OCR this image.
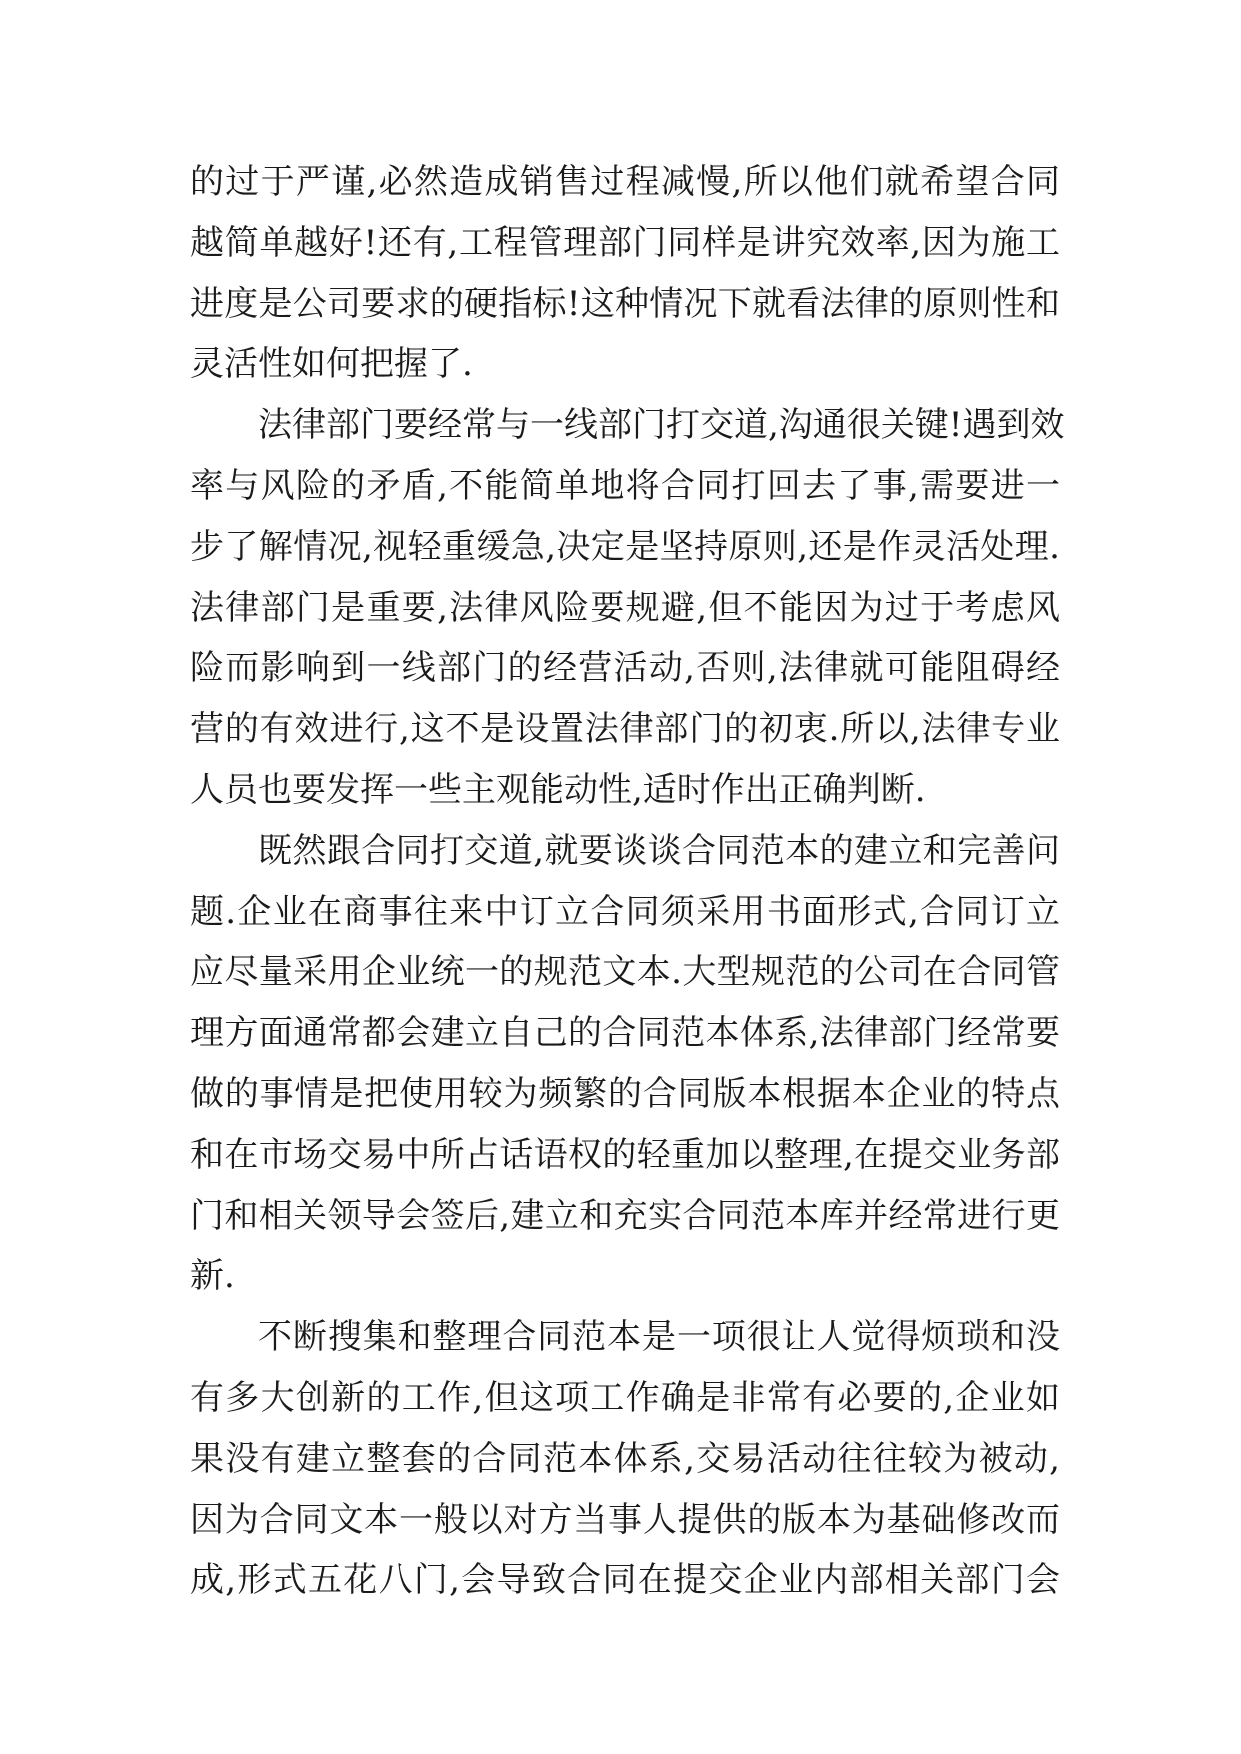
的过于严谨,必然造成销售过程减慢,所以他们就希望合同
越简单越好!还有,工程管理部门同样是讲究效率,因为施工
进度是公司要求的硬指标!这种情况下就看法律的原则性和
灵活性如何把握了.
法律部门要经常与一线部门打交道,沟通很关键!遇到效
率与风险的矛盾,不能简单地将合同打回去了事,需要进一
步了解情况,视轻重缓急,决定是坚持原则,还是作灵活处理.
法律部门是重要,法律风险要规避,但不能因为过于考虑风
险而影响到一线部门的经营活动,否则,法律就可能阻碍经
营的有效进行,这不是设置法律部门的初衷.所以,法律专业
人员也要发挥一些主观能动性,适时作出正确判断.
既然跟合同打交道,就要谈谈合同范本的建立和完善问
题.企业在商事往来中订立合同须采用书面形式,合同订立
应尽量采用企业统一的规范文本.大型规范的公司在合同管
理方面通常都会建立自己的合同范本体系,法律部门经常要
做的事情是把使用较为频繁的合同版本根据本企业的特点
和在市场交易中所占话语权的轻重加以整理,在提交业务部
门和相关领导会签后,建立和充实合同范本库并经常进行更
新.
不断搜集和整理合同范本是一项很让人觉得烦琐和没
有多大创新的工作,但这项工作确是非常有必要的,企业如
果没有建立整套的合同范本体系,交易活动往往较为被动,
因为合同文本一般以对方当事人提供的版本为基础修改而
成,形式五花八门,会导致合同在提交企业内部相关部门会
